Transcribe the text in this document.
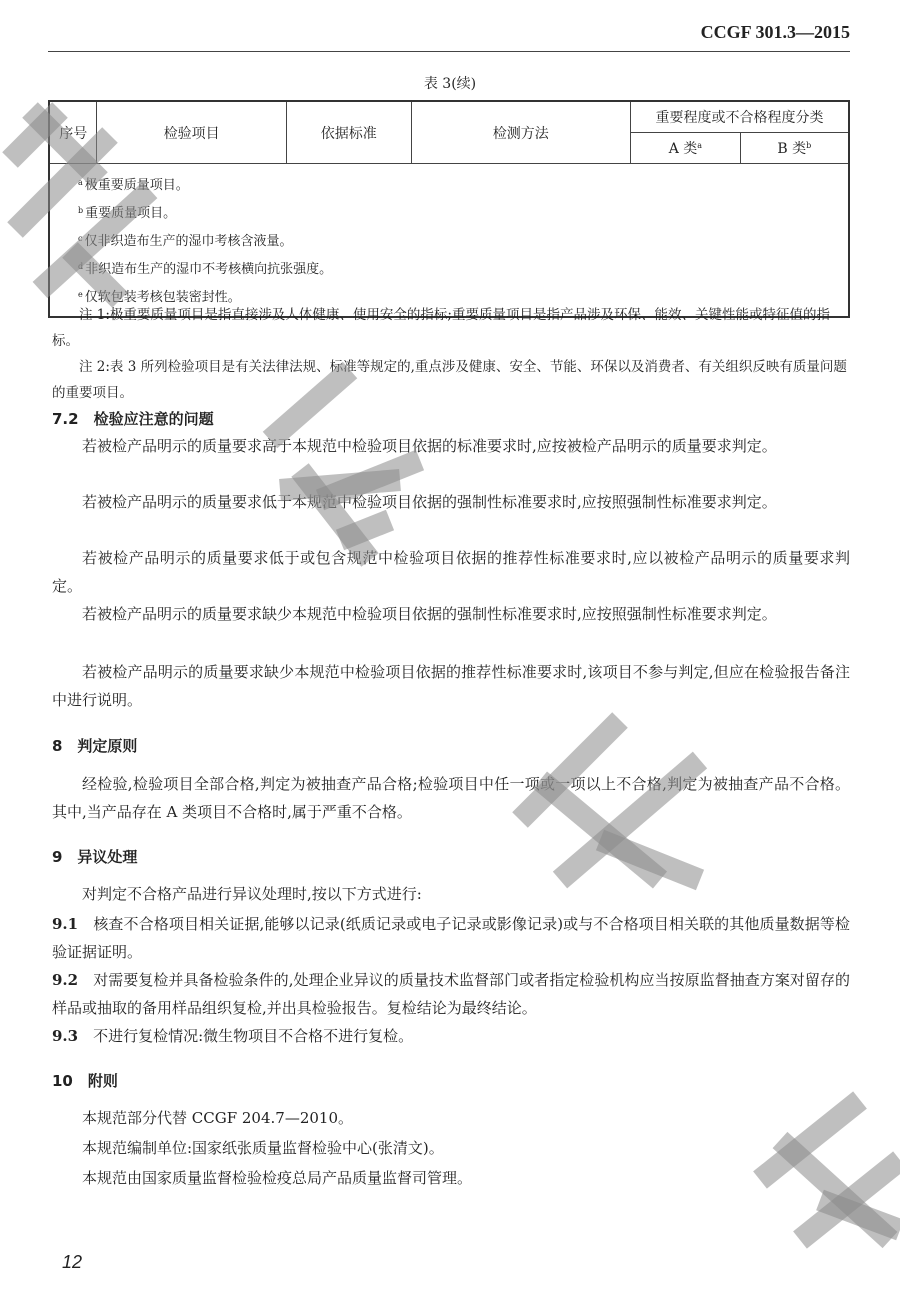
CCGF 301.3—2015
表 3(续)
序号	检验项目	依据标准	检测方法	重要程度或不合格程度分类	
				A 类$^a$	B 类$^b$

$^a$ 极重要质量项目。
$^b$ 重要质量项目。
$^c$ 仅非织造布生产的湿巾考核含液量。
$^d$ 非织造布生产的湿巾不考核横向抗张强度。
$^e$ 仅软包装考核包装密封性。					

注 1:极重要质量项目是指直接涉及人体健康、使用安全的指标;重要质量项目是指产品涉及环保、能效、关键性能或特征值的指标。

注 2:表 3 所列检验项目是有关法律法规、标准等规定的,重点涉及健康、安全、节能、环保以及消费者、有关组织反映有质量问题的重要项目。

7.2　检验应注意的问题

若被检产品明示的质量要求高于本规范中检验项目依据的标准要求时,应按被检产品明示的质量要求判定。

若被检产品明示的质量要求低于本规范中检验项目依据的强制性标准要求时,应按照强制性标准要求判定。

若被检产品明示的质量要求低于或包含规范中检验项目依据的推荐性标准要求时,应以被检产品明示的质量要求判定。

若被检产品明示的质量要求缺少本规范中检验项目依据的强制性标准要求时,应按照强制性标准要求判定。

若被检产品明示的质量要求缺少本规范中检验项目依据的推荐性标准要求时,该项目不参与判定,但应在检验报告备注中进行说明。

8　判定原则

经检验,检验项目全部合格,判定为被抽查产品合格;检验项目中任一项或一项以上不合格,判定为被抽查产品不合格。其中,当产品存在 A 类项目不合格时,属于严重不合格。

9　异议处理

对判定不合格产品进行异议处理时,按以下方式进行:

9.1　 核查不合格项目相关证据,能够以记录(纸质记录或电子记录或影像记录)或与不合格项目相关联的其他质量数据等检验证据证明。

9.2　 对需要复检并具备检验条件的,处理企业异议的质量技术监督部门或者指定检验机构应当按原监督抽查方案对留存的样品或抽取的备用样品组织复检,并出具检验报告。复检结论为最终结论。

9.3　 不进行复检情况:微生物项目不合格不进行复检。

10　附则

本规范部分代替 CCGF 204.7—2010。

本规范编制单位:国家纸张质量监督检验中心(张清文)。

本规范由国家质量监督检验检疫总局产品质量监督司管理。

12
